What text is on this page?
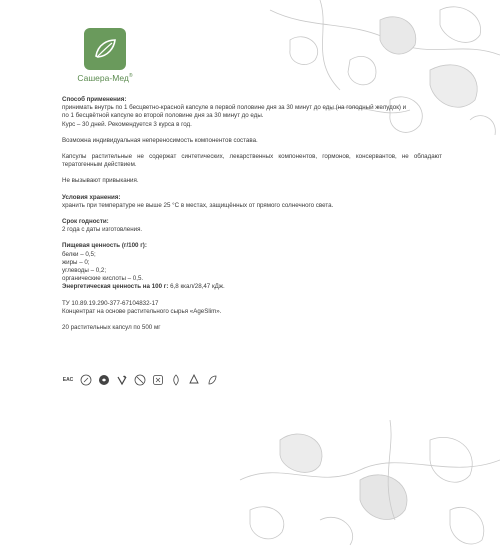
Сашера-Мед®

Способ применения:

принимать внутрь по 1 бесцветно-красной капсуле в первой половине дня за 30 минут до еды (на голодный желудок) и

по 1 бесцвётной капсуле во второй половине дня за 30 минут до еды.

Курс – 30 дней. Рекомендуется 3 курса в год.

Возможна индивидуальная непереносимость компонентов состава.

Капсулы растительные не содержат синтетических, лекарственных компонентов, гормонов, консервантов, не обладают тератогенным действием.

Не вызывают привыкания.

Условия хранения:

хранить при температуре не выше 25 °С в местах, защищённых от прямого солнечного света.

Срок годности:

2 года с даты изготовления.

Пищевая ценность (г/100 г):

белки – 0,5;

жиры – 0;

углеводы – 0,2;

органические кислоты – 0,5.

Энергетическая ценность на 100 г: 6,8 ккал/28,47 кДж.

ТУ 10.89.19.290-377-67104832-17

Концентрат на основе растительного сырья «AgeSlim».

20 растительных капсул по 500 мг

ЕАС
